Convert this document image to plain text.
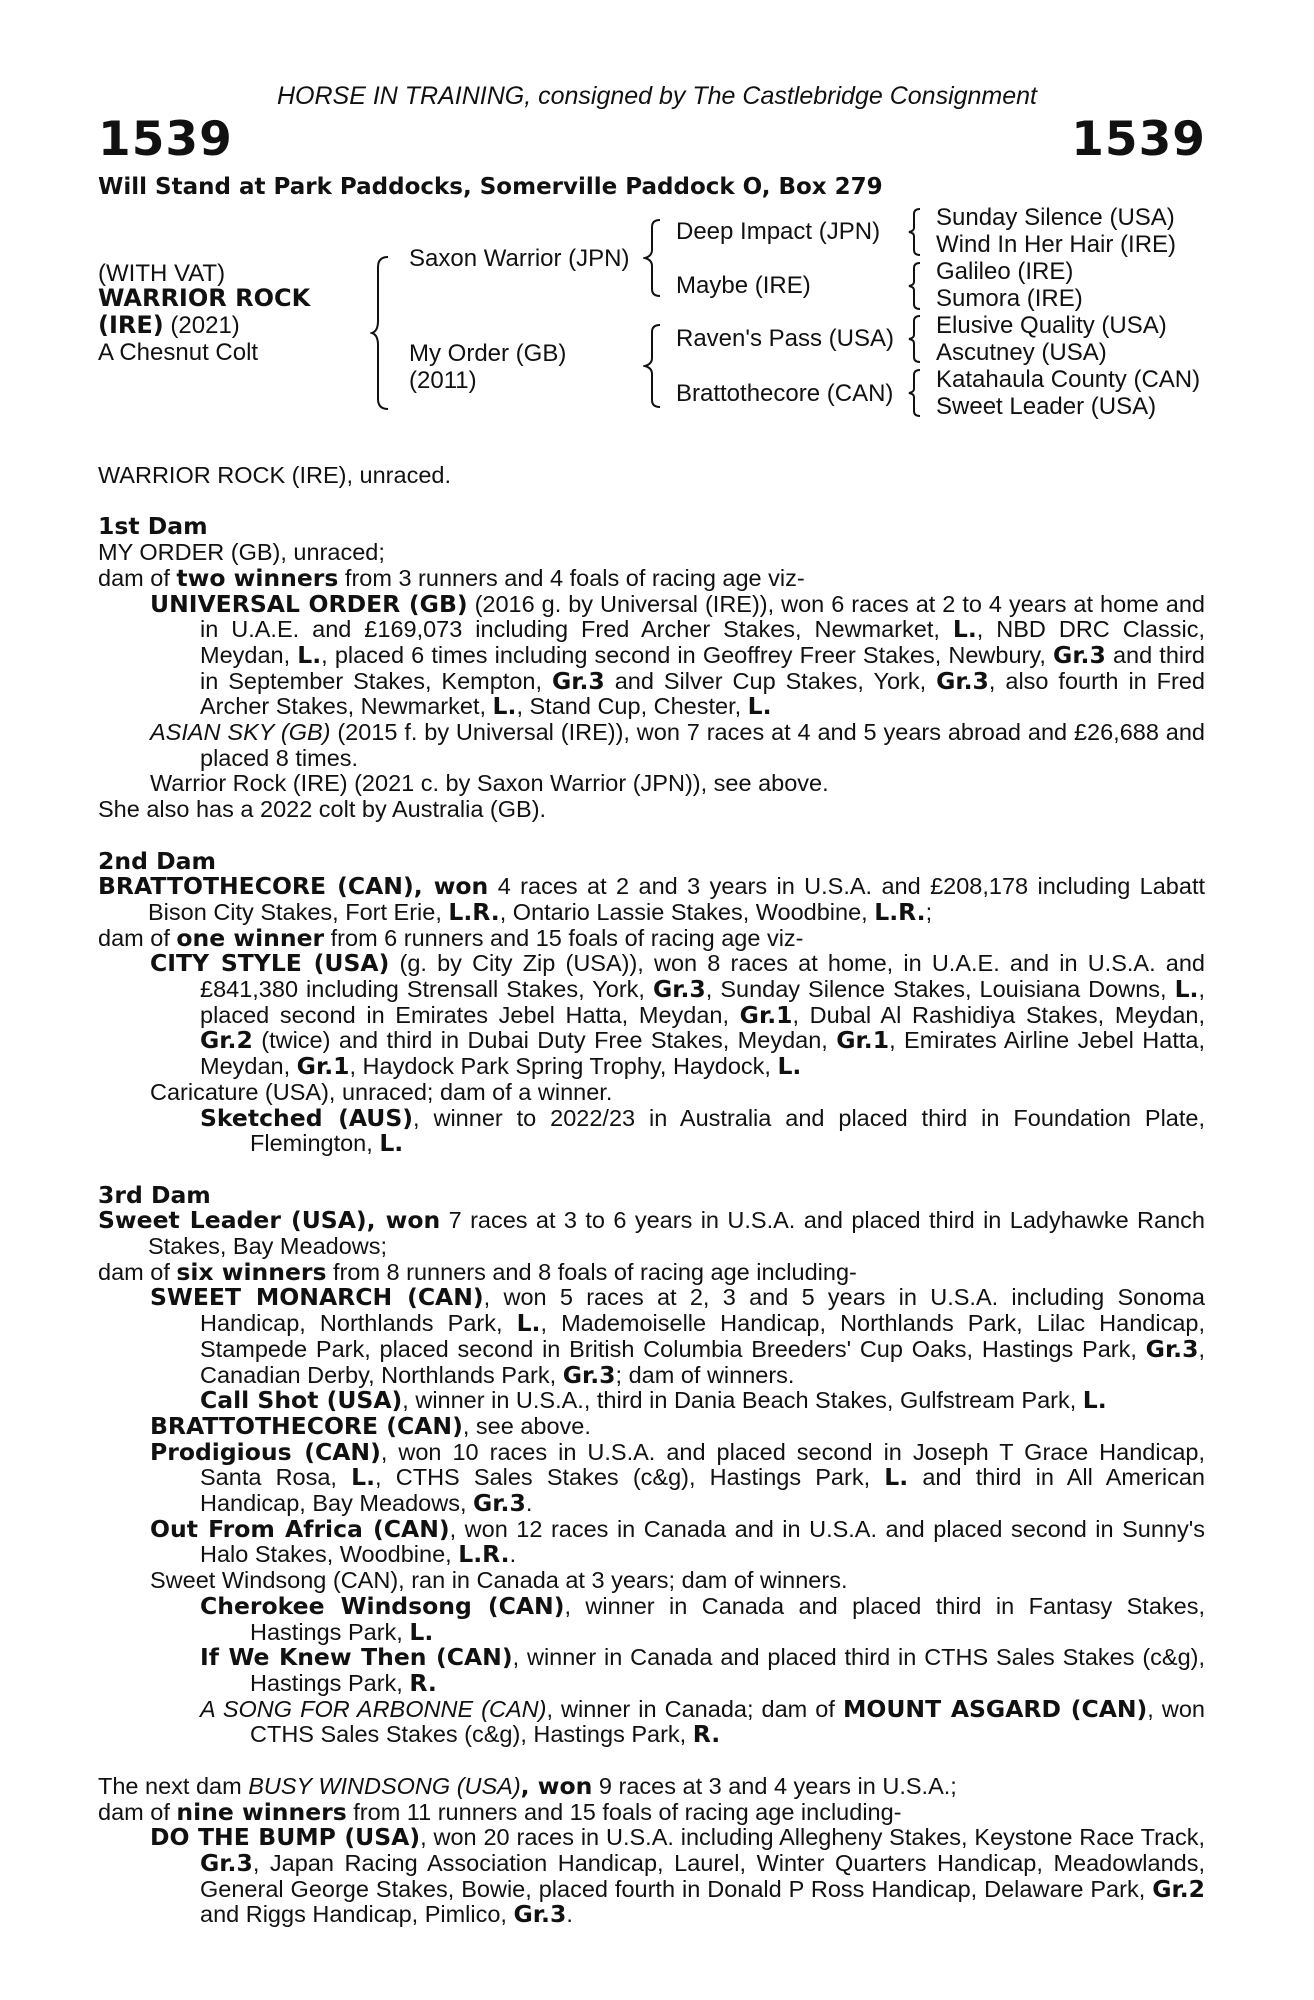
HORSE IN TRAINING, consigned by The Castlebridge Consignment
1539	1539
Will Stand at Park Paddocks, Somerville Paddock O, Box 279
(WITH VAT)
WARRIOR ROCK
(IRE) (2021)
A Chesnut Colt
Saxon Warrior (JPN)
My Order (GB)
(2011)
Deep Impact (JPN)
Maybe (IRE)
Raven's Pass (USA)
Brattothecore (CAN)
Sunday Silence (USA)
Wind In Her Hair (IRE)
Galileo (IRE)
Sumora (IRE)
Elusive Quality (USA)
Ascutney (USA)
Katahaula County (CAN)
Sweet Leader (USA)

WARRIOR ROCK (IRE), unraced.

1st Dam

MY ORDER (GB), unraced;

dam of two winners from 3 runners and 4 foals of racing age viz-

UNIVERSAL ORDER (GB) (2016 g. by Universal (IRE)), won 6 races at 2 to 4 years at home and in U.A.E. and £169,073 including Fred Archer Stakes, Newmarket, L., NBD DRC Classic, Meydan, L., placed 6 times including second in Geoffrey Freer Stakes, Newbury, Gr.3 and third in September Stakes, Kempton, Gr.3 and Silver Cup Stakes, York, Gr.3, also fourth in Fred Archer Stakes, Newmarket, L., Stand Cup, Chester, L.

ASIAN SKY (GB) (2015 f. by Universal (IRE)), won 7 races at 4 and 5 years abroad and £26,688 and placed 8 times.

Warrior Rock (IRE) (2021 c. by Saxon Warrior (JPN)), see above.

She also has a 2022 colt by Australia (GB).

2nd Dam

BRATTOTHECORE (CAN), won 4 races at 2 and 3 years in U.S.A. and £208,178 including Labatt Bison City Stakes, Fort Erie, L.R., Ontario Lassie Stakes, Woodbine, L.R.;

dam of one winner from 6 runners and 15 foals of racing age viz-

CITY STYLE (USA) (g. by City Zip (USA)), won 8 races at home, in U.A.E. and in U.S.A. and £841,380 including Strensall Stakes, York, Gr.3, Sunday Silence Stakes, Louisiana Downs, L., placed second in Emirates Jebel Hatta, Meydan, Gr.1, Dubal Al Rashidiya Stakes, Meydan, Gr.2 (twice) and third in Dubai Duty Free Stakes, Meydan, Gr.1, Emirates Airline Jebel Hatta, Meydan, Gr.1, Haydock Park Spring Trophy, Haydock, L.

Caricature (USA), unraced; dam of a winner.

Sketched (AUS), winner to 2022/23 in Australia and placed third in Foundation Plate, Flemington, L.

3rd Dam

Sweet Leader (USA), won 7 races at 3 to 6 years in U.S.A. and placed third in Ladyhawke Ranch Stakes, Bay Meadows;

dam of six winners from 8 runners and 8 foals of racing age including-

SWEET MONARCH (CAN), won 5 races at 2, 3 and 5 years in U.S.A. including Sonoma Handicap, Northlands Park, L., Mademoiselle Handicap, Northlands Park, Lilac Handicap, Stampede Park, placed second in British Columbia Breeders' Cup Oaks, Hastings Park, Gr.3, Canadian Derby, Northlands Park, Gr.3; dam of winners.

Call Shot (USA), winner in U.S.A., third in Dania Beach Stakes, Gulfstream Park, L.

BRATTOTHECORE (CAN), see above.

Prodigious (CAN), won 10 races in U.S.A. and placed second in Joseph T Grace Handicap, Santa Rosa, L., CTHS Sales Stakes (c&g), Hastings Park, L. and third in All American Handicap, Bay Meadows, Gr.3.

Out From Africa (CAN), won 12 races in Canada and in U.S.A. and placed second in Sunny's Halo Stakes, Woodbine, L.R..

Sweet Windsong (CAN), ran in Canada at 3 years; dam of winners.

Cherokee Windsong (CAN), winner in Canada and placed third in Fantasy Stakes, Hastings Park, L.

If We Knew Then (CAN), winner in Canada and placed third in CTHS Sales Stakes (c&g), Hastings Park, R.

A SONG FOR ARBONNE (CAN), winner in Canada; dam of MOUNT ASGARD (CAN), won CTHS Sales Stakes (c&g), Hastings Park, R.

The next dam BUSY WINDSONG (USA), won 9 races at 3 and 4 years in U.S.A.;

dam of nine winners from 11 runners and 15 foals of racing age including-

DO THE BUMP (USA), won 20 races in U.S.A. including Allegheny Stakes, Keystone Race Track, Gr.3, Japan Racing Association Handicap, Laurel, Winter Quarters Handicap, Meadowlands, General George Stakes, Bowie, placed fourth in Donald P Ross Handicap, Delaware Park, Gr.2 and Riggs Handicap, Pimlico, Gr.3.
